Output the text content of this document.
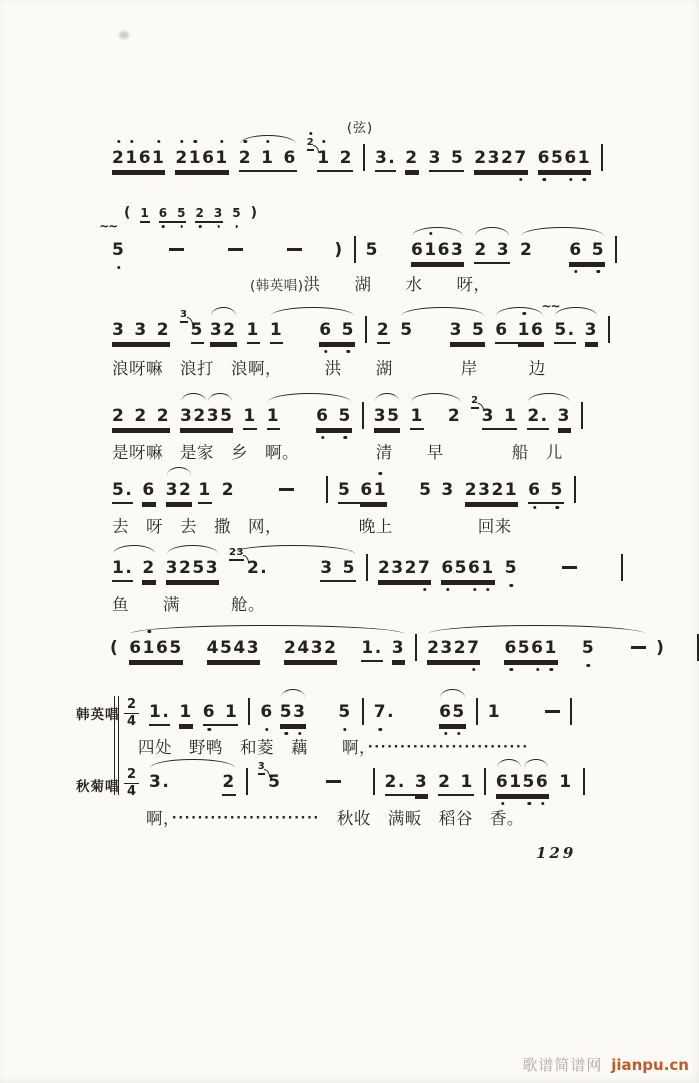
2 1 6 1 2 1 6 1 2 1 6
2
1 2
(弦)
3 . 2 3 5 2 3 2 7 6 5 6 1
( 1 6 5 2 3 5 )
∼∼
5	) 5 6 1 6 3 2 3 2 6 5
(韩英唱)洪　　湖　　水　　呀，
3 3 2
3
5 3 2 1 1 6 5 2 5 3 5 6 1 6
∼∼
5 . 3
浪呀嘛　浪打　浪啊，　　　洪　　湖　　　　岸　　　边
2 2 2 3 2 3 5 1 1 6 5 3 5 1 2
2
3 1 2 . 3
是呀嘛　是家　乡　啊。　　　　　清　　早　　　　船　儿
5 . 6 3 2 1 2	5 6 1 5 3 2 3 2 1 6 5
去　呀　去　撒　网，　　　　　晚上　　　　　回来
1 . 2 3 2 5 3
23
2 .	3 5 2 3 2 7 6 5 6 1 5
鱼　　满　　　舱。
( 6 1 6 5 4 5 4 3 2 4 3 2 1 . 3 2 3 2 7 6 5 6 1 5	)
韩英唱 $\frac{2}{4} 1$ . 1 6 1 6 5 3 5 7 .	6 5 1
四处　野鸭　和菱　藕　　啊，·························
秋菊唱 $\frac{2}{4} 3$ .	2
3
5	2 . 3 2 1 6 1 5 6 1
啊，·······················　秋收　满畈　稻谷　香。
129
歌谱简谱网 jianpu.cn
